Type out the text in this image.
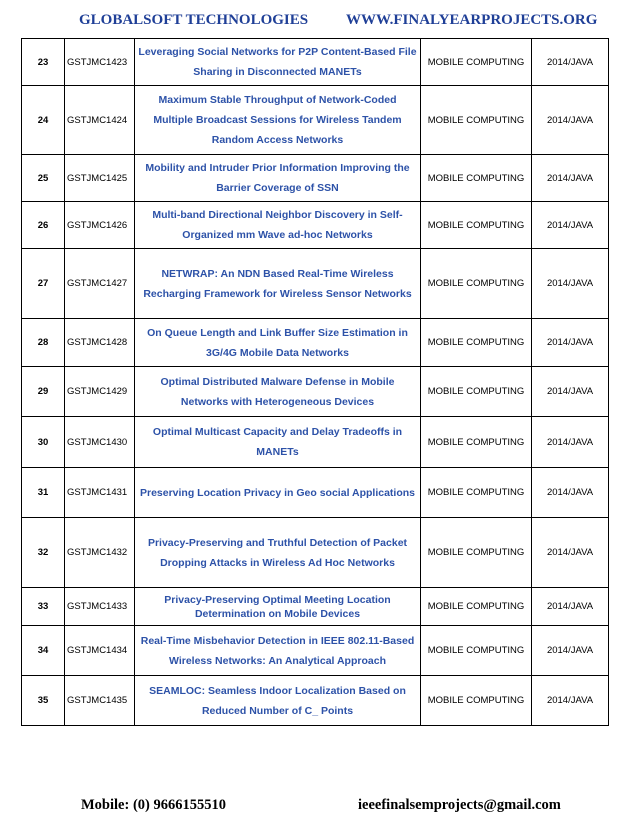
GLOBALSOFT TECHNOLOGIES	WWW.FINALYEARPROJECTS.ORG
23	GSTJMC1423	Leveraging Social Networks for P2P Content-Based File Sharing in Disconnected MANETs	MOBILE COMPUTING	2014/JAVA
24	GSTJMC1424	Maximum Stable Throughput of Network-Coded Multiple Broadcast Sessions for Wireless Tandem Random Access Networks	MOBILE COMPUTING	2014/JAVA
25	GSTJMC1425	Mobility and Intruder Prior Information Improving the Barrier Coverage of SSN	MOBILE COMPUTING	2014/JAVA
26	GSTJMC1426	Multi-band Directional Neighbor Discovery in Self-Organized mm Wave ad-hoc Networks	MOBILE COMPUTING	2014/JAVA
27	GSTJMC1427	NETWRAP: An NDN Based Real-Time Wireless Recharging Framework for Wireless Sensor Networks	MOBILE COMPUTING	2014/JAVA
28	GSTJMC1428	On Queue Length and Link Buffer Size Estimation in 3G/4G Mobile Data Networks	MOBILE COMPUTING	2014/JAVA
29	GSTJMC1429	Optimal Distributed Malware Defense in Mobile Networks with Heterogeneous Devices	MOBILE COMPUTING	2014/JAVA
30	GSTJMC1430	Optimal Multicast Capacity and Delay Tradeoffs in MANETs	MOBILE COMPUTING	2014/JAVA
31	GSTJMC1431	Preserving Location Privacy in Geo social Applications	MOBILE COMPUTING	2014/JAVA
32	GSTJMC1432	Privacy-Preserving and Truthful Detection of Packet Dropping Attacks in Wireless Ad Hoc Networks	MOBILE COMPUTING	2014/JAVA
33	GSTJMC1433	Privacy-Preserving Optimal Meeting Location Determination on Mobile Devices	MOBILE COMPUTING	2014/JAVA
34	GSTJMC1434	Real-Time Misbehavior Detection in IEEE 802.11-Based Wireless Networks: An Analytical Approach	MOBILE COMPUTING	2014/JAVA
35	GSTJMC1435	SEAMLOC: Seamless Indoor Localization Based on Reduced Number of C_ Points	MOBILE COMPUTING	2014/JAVA
Mobile: (0) 9666155510	ieeefinalsemprojects@gmail.com
